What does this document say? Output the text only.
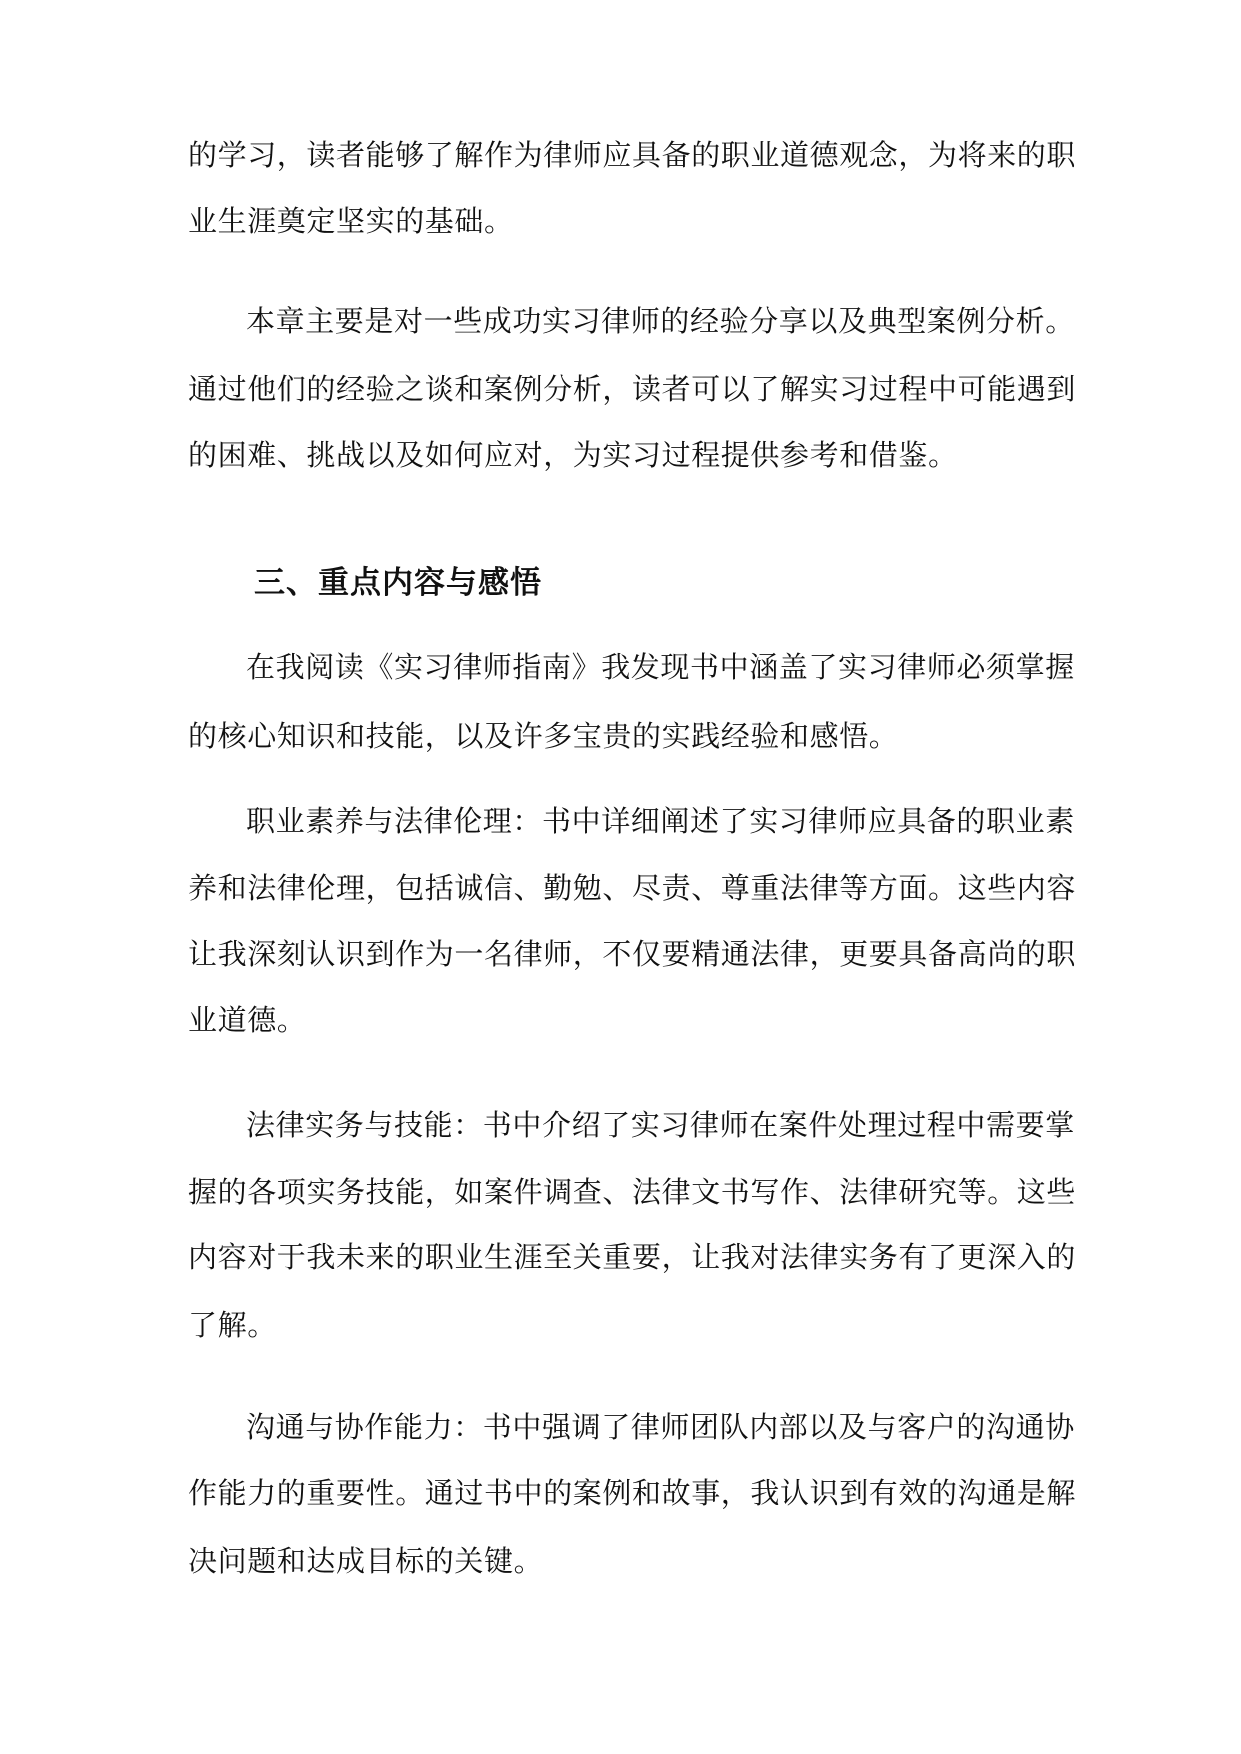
的学习，读者能够了解作为律师应具备的职业道德观念，为将来的职
业生涯奠定坚实的基础。
本章主要是对一些成功实习律师的经验分享以及典型案例分析。
通过他们的经验之谈和案例分析，读者可以了解实习过程中可能遇到
的困难、挑战以及如何应对，为实习过程提供参考和借鉴。
三、重点内容与感悟
在我阅读《实习律师指南》我发现书中涵盖了实习律师必须掌握
的核心知识和技能，以及许多宝贵的实践经验和感悟。
职业素养与法律伦理：书中详细阐述了实习律师应具备的职业素
养和法律伦理，包括诚信、勤勉、尽责、尊重法律等方面。这些内容
让我深刻认识到作为一名律师，不仅要精通法律，更要具备高尚的职
业道德。
法律实务与技能：书中介绍了实习律师在案件处理过程中需要掌
握的各项实务技能，如案件调查、法律文书写作、法律研究等。这些
内容对于我未来的职业生涯至关重要，让我对法律实务有了更深入的
了解。
沟通与协作能力：书中强调了律师团队内部以及与客户的沟通协
作能力的重要性。通过书中的案例和故事，我认识到有效的沟通是解
决问题和达成目标的关键。
